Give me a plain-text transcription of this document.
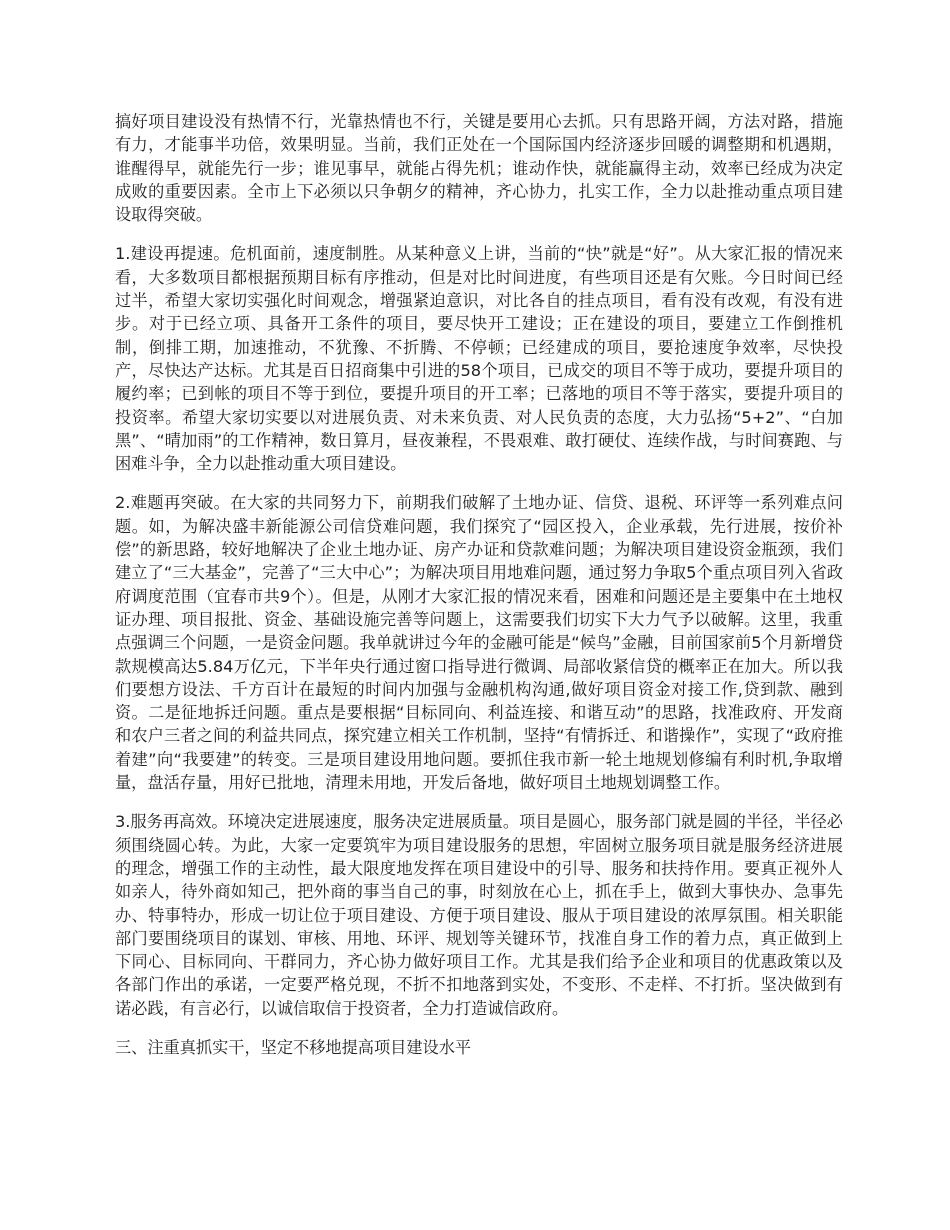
搞好项目建设没有热情不行，光靠热情也不行，关键是要用心去抓。只有思路开阔，方法对路，措施有力，才能事半功倍，效果明显。当前，我们正处在一个国际国内经济逐步回暖的调整期和机遇期，谁醒得早，就能先行一步；谁见事早，就能占得先机；谁动作快，就能赢得主动，效率已经成为决定成败的重要因素。全市上下必须以只争朝夕的精神，齐心协力，扎实工作，全力以赴推动重点项目建设取得突破。

1.建设再提速。危机面前，速度制胜。从某种意义上讲，当前的“快”就是“好”。从大家汇报的情况来看，大多数项目都根据预期目标有序推动，但是对比时间进度，有些项目还是有欠账。今日时间已经过半，希望大家切实强化时间观念，增强紧迫意识，对比各自的挂点项目，看有没有改观，有没有进步。对于已经立项、具备开工条件的项目，要尽快开工建设；正在建设的项目，要建立工作倒推机制，倒排工期，加速推动，不犹豫、不折腾、不停顿；已经建成的项目，要抢速度争效率，尽快投产，尽快达产达标。尤其是百日招商集中引进的58个项目，已成交的项目不等于成功，要提升项目的履约率；已到帐的项目不等于到位，要提升项目的开工率；已落地的项目不等于落实，要提升项目的投资率。希望大家切实要以对进展负责、对未来负责、对人民负责的态度，大力弘扬“5+2”、“白加黑”、“晴加雨”的工作精神，数日算月，昼夜兼程，不畏艰难、敢打硬仗、连续作战，与时间赛跑、与困难斗争，全力以赴推动重大项目建设。

2.难题再突破。在大家的共同努力下，前期我们破解了土地办证、信贷、退税、环评等一系列难点问题。如，为解决盛丰新能源公司信贷难问题，我们探究了“园区投入，企业承载，先行进展，按价补偿”的新思路，较好地解决了企业土地办证、房产办证和贷款难问题；为解决项目建设资金瓶颈，我们建立了“三大基金”，完善了“三大中心”；为解决项目用地难问题，通过努力争取5个重点项目列入省政府调度范围（宜春市共9个）。但是，从刚才大家汇报的情况来看，困难和问题还是主要集中在土地权证办理、项目报批、资金、基础设施完善等问题上，这需要我们切实下大力气予以破解。这里，我重点强调三个问题，一是资金问题。我单就讲过今年的金融可能是“候鸟”金融，目前国家前5个月新增贷款规模高达5.84万亿元，下半年央行通过窗口指导进行微调、局部收紧信贷的概率正在加大。所以我们要想方设法、千方百计在最短的时间内加强与金融机构沟通,做好项目资金对接工作,贷到款、融到资。二是征地拆迁问题。重点是要根据“目标同向、利益连接、和谐互动”的思路，找准政府、开发商和农户三者之间的利益共同点，探究建立相关工作机制，坚持“有情拆迁、和谐操作”，实现了“政府推着建”向“我要建”的转变。三是项目建设用地问题。要抓住我市新一轮土地规划修编有利时机,争取增量，盘活存量，用好已批地，清理未用地，开发后备地，做好项目土地规划调整工作。

3.服务再高效。环境决定进展速度，服务决定进展质量。项目是圆心，服务部门就是圆的半径，半径必须围绕圆心转。为此，大家一定要筑牢为项目建设服务的思想，牢固树立服务项目就是服务经济进展的理念，增强工作的主动性，最大限度地发挥在项目建设中的引导、服务和扶持作用。要真正视外人如亲人，待外商如知己，把外商的事当自己的事，时刻放在心上，抓在手上，做到大事快办、急事先办、特事特办，形成一切让位于项目建设、方便于项目建设、服从于项目建设的浓厚氛围。相关职能部门要围绕项目的谋划、审核、用地、环评、规划等关键环节，找准自身工作的着力点，真正做到上下同心、目标同向、干群同力，齐心协力做好项目工作。尤其是我们给予企业和项目的优惠政策以及各部门作出的承诺，一定要严格兑现，不折不扣地落到实处，不变形、不走样、不打折。坚决做到有诺必践，有言必行，以诚信取信于投资者，全力打造诚信政府。

三、注重真抓实干，坚定不移地提高项目建设水平
